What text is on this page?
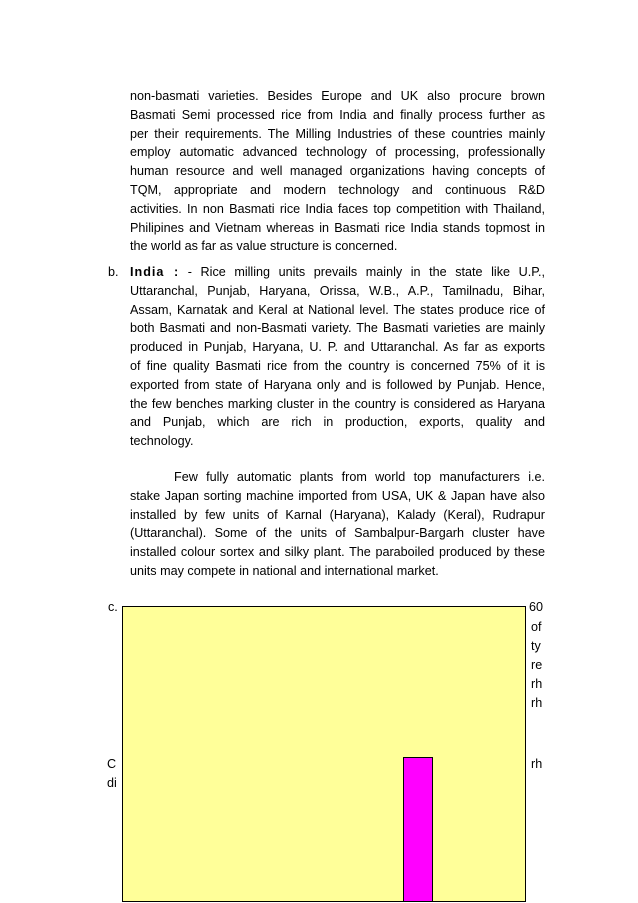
non-basmati varieties. Besides Europe and UK also procure brown
Basmati Semi processed rice from India and finally process further as
per their requirements. The Milling Industries of these countries mainly
employ automatic advanced technology of processing, professionally
human resource and well managed organizations having concepts of
TQM, appropriate and modern technology and continuous R&D
activities. In non Basmati rice India faces top competition with Thailand,
Philipines and Vietnam whereas in Basmati rice India stands topmost in
the world as far as value structure is concerned.
b. India : - Rice milling units prevails mainly in the state like U.P.,
Uttaranchal, Punjab, Haryana, Orissa, W.B., A.P., Tamilnadu, Bihar,
Assam, Karnatak and Keral at National level. The states produce rice of
both Basmati and non-Basmati variety. The Basmati varieties are mainly
produced in Punjab, Haryana, U. P. and Uttaranchal. As far as exports
of fine quality Basmati rice from the country is concerned 75% of it is
exported from state of Haryana only and is followed by Punjab. Hence,
the few benches marking cluster in the country is considered as Haryana
and Punjab, which are rich in production, exports, quality and
technology.
Few fully automatic plants from world top manufacturers i.e.
stake Japan sorting machine imported from USA, UK & Japan have also
installed by few units of Karnal (Haryana), Kalady (Keral), Rudrapur
(Uttaranchal). Some of the units of Sambalpur-Bargarh cluster have
installed colour sortex and silky plant. The paraboiled produced by these
units may compete in national and international market.
c.	60
of
ty
re
rh
rh
C
di
rh
